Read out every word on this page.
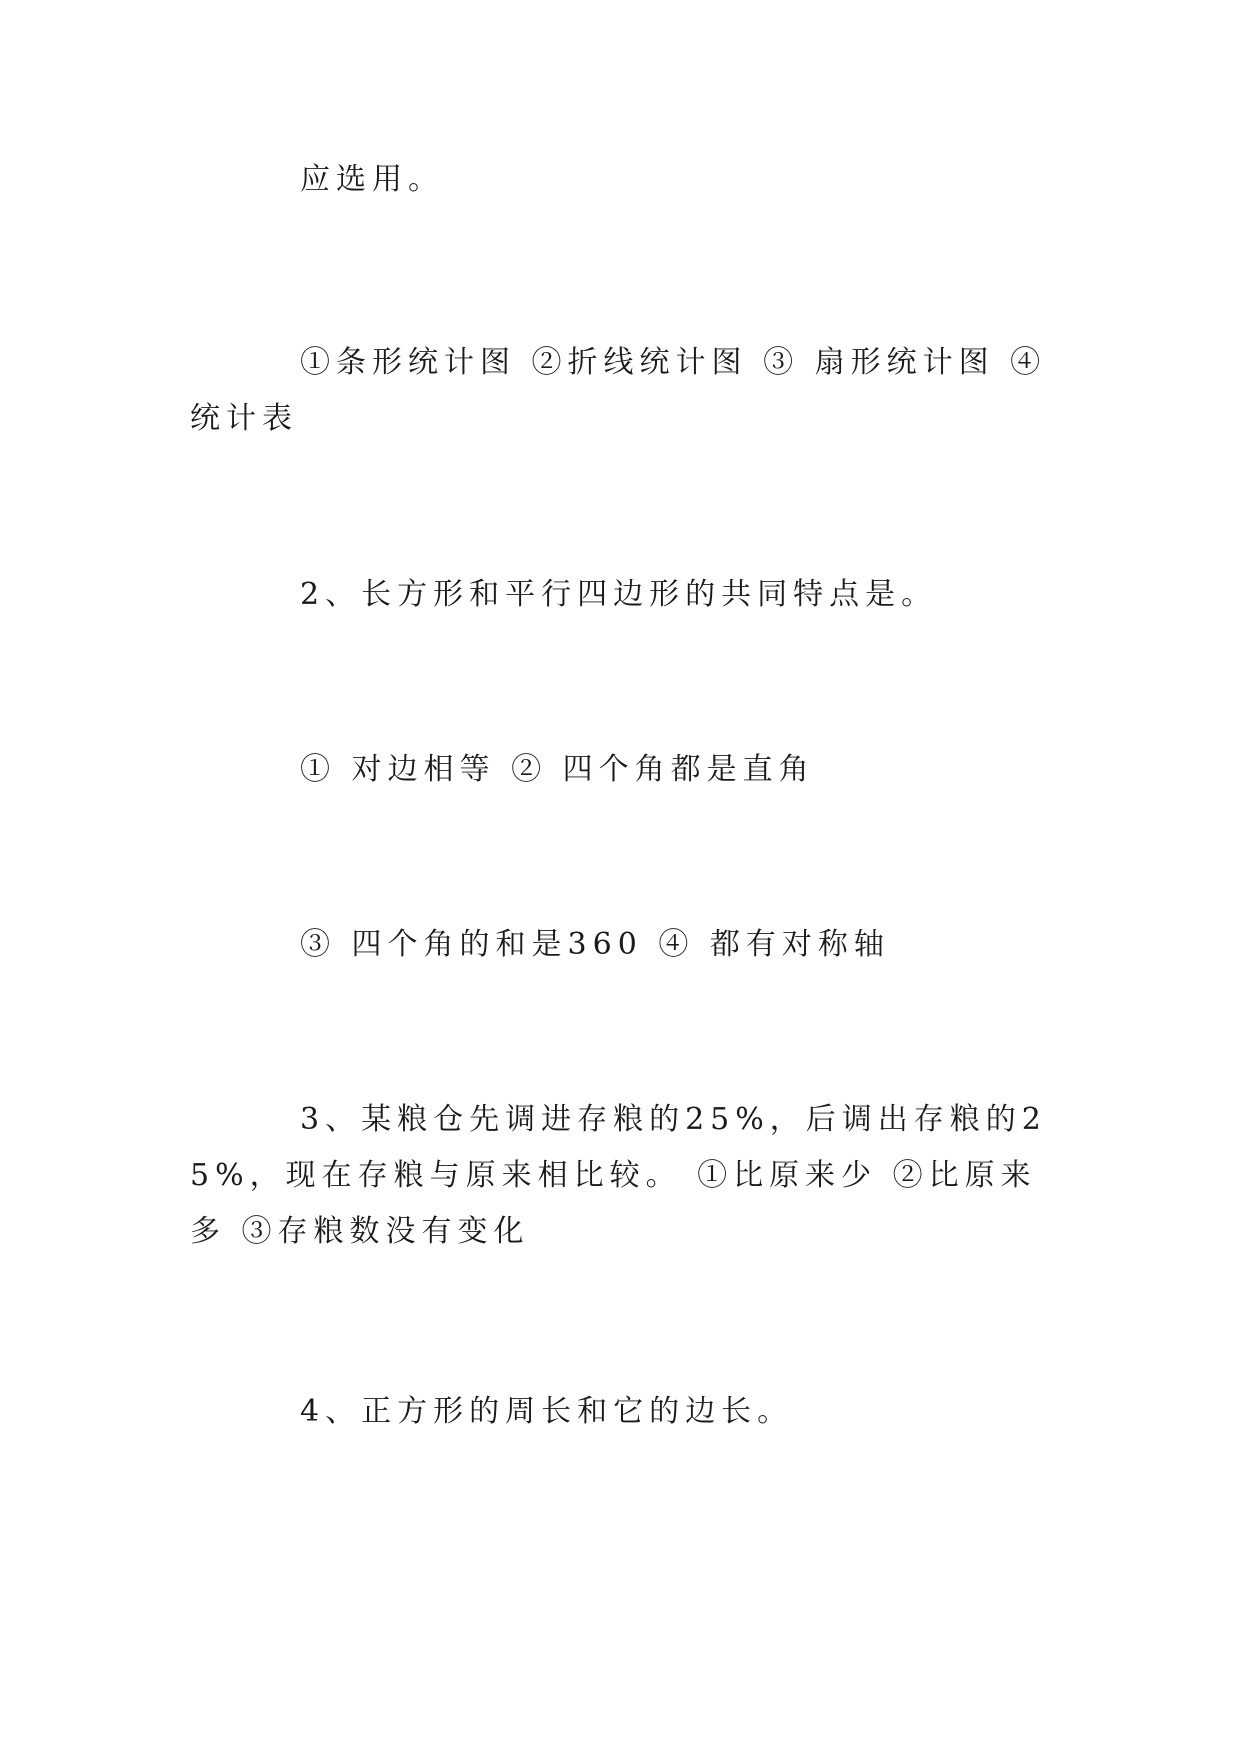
应选用。

①条形统计图 ②折线统计图 ③ 扇形统计图 ④统计表

2、长方形和平行四边形的共同特点是。

① 对边相等 ② 四个角都是直角

③ 四个角的和是360 ④ 都有对称轴

3、某粮仓先调进存粮的25%，后调出存粮的25%，现在存粮与原来相比较。 ①比原来少 ②比原来多 ③存粮数没有变化

4、正方形的周长和它的边长。
